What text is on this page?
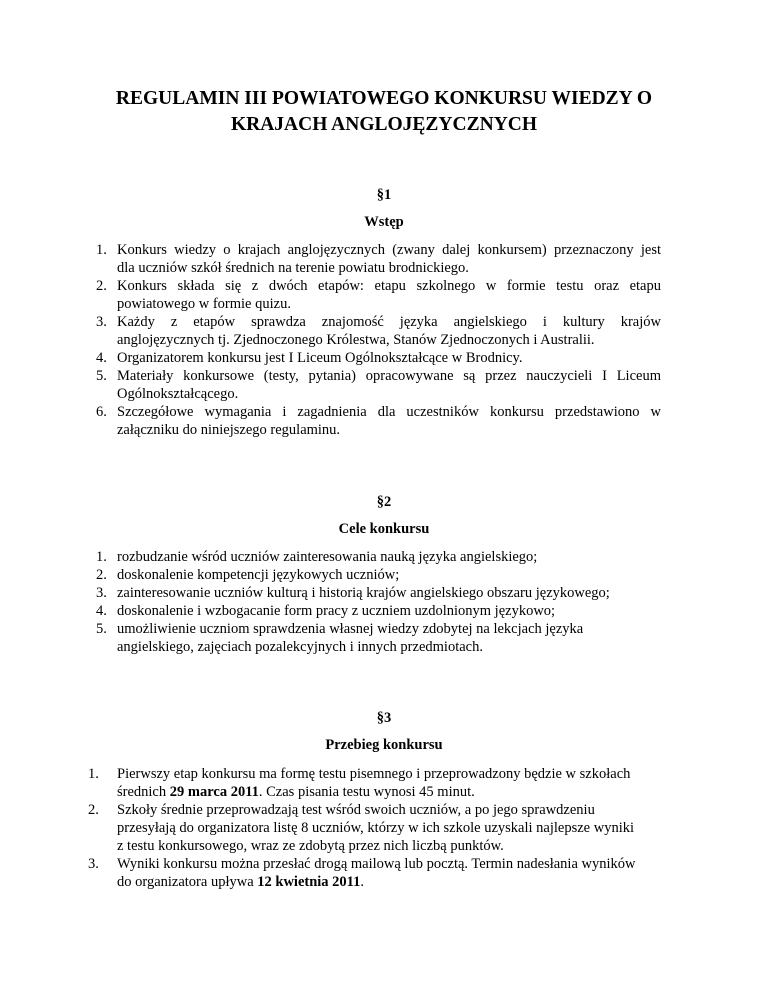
REGULAMIN III POWIATOWEGO KONKURSU WIEDZY O
KRAJACH ANGLOJĘZYCZNYCH
§1
Wstęp
1. Konkurs wiedzy o krajach anglojęzycznych (zwany dalej konkursem) przeznaczony jest
dla uczniów szkół średnich na terenie powiatu brodnickiego.
2. Konkurs składa się z dwóch etapów: etapu szkolnego w formie testu oraz etapu
powiatowego w formie quizu.
3. Każdy z etapów sprawdza znajomość języka angielskiego i kultury krajów
anglojęzycznych tj. Zjednoczonego Królestwa, Stanów Zjednoczonych i Australii.
4. Organizatorem konkursu jest I Liceum Ogólnokształcące w Brodnicy.
5. Materiały konkursowe (testy, pytania) opracowywane są przez nauczycieli I Liceum
Ogólnokształcącego.
6. Szczegółowe wymagania i zagadnienia dla uczestników konkursu przedstawiono w
załączniku do niniejszego regulaminu.
§2
Cele konkursu
1. rozbudzanie wśród uczniów zainteresowania nauką języka angielskiego;
2. doskonalenie kompetencji językowych uczniów;
3. zainteresowanie uczniów kulturą i historią krajów angielskiego obszaru językowego;
4. doskonalenie i wzbogacanie form pracy z uczniem uzdolnionym językowo;
5. umożliwienie uczniom sprawdzenia własnej wiedzy zdobytej na lekcjach języka
angielskiego, zajęciach pozalekcyjnych i innych przedmiotach.
§3
Przebieg konkursu
1. Pierwszy etap konkursu ma formę testu pisemnego i przeprowadzony będzie w szkołach
średnich 29 marca 2011. Czas pisania testu wynosi 45 minut.
2. Szkoły średnie przeprowadzają test wśród swoich uczniów, a po jego sprawdzeniu
przesyłają do organizatora listę 8 uczniów, którzy w ich szkole uzyskali najlepsze wyniki
z testu konkursowego, wraz ze zdobytą przez nich liczbą punktów.
3. Wyniki konkursu można przesłać drogą mailową lub pocztą. Termin nadesłania wyników
do organizatora upływa 12 kwietnia 2011.
